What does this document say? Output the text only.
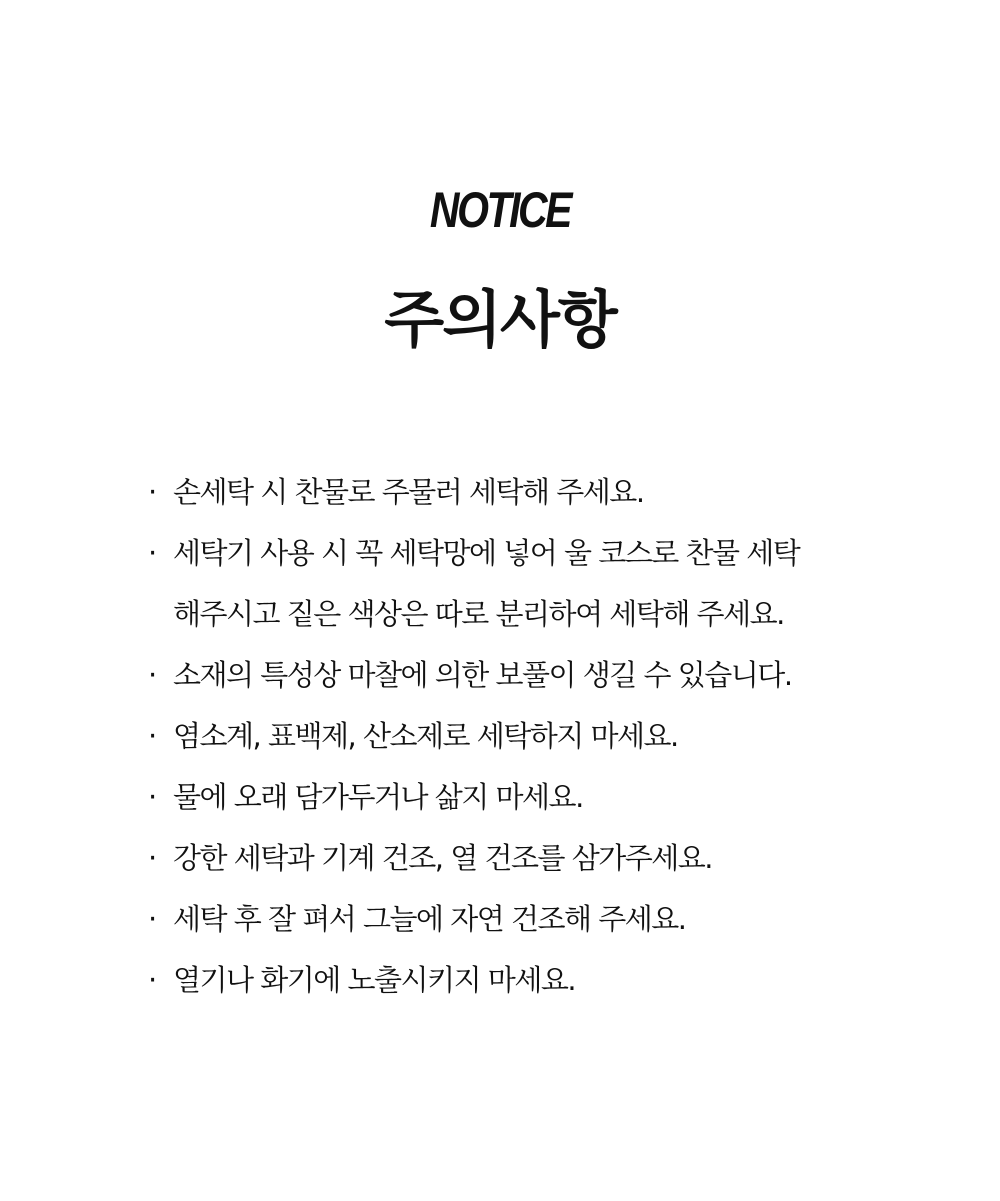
NOTICE
주의사항
· 손세탁 시 찬물로 주물러 세탁해 주세요.
· 세탁기 사용 시 꼭 세탁망에 넣어 울 코스로 찬물 세탁
해주시고 짙은 색상은 따로 분리하여 세탁해 주세요.
· 소재의 특성상 마찰에 의한 보풀이 생길 수 있습니다.
· 염소계, 표백제, 산소제로 세탁하지 마세요.
· 물에 오래 담가두거나 삶지 마세요.
· 강한 세탁과 기계 건조, 열 건조를 삼가주세요.
· 세탁 후 잘 펴서 그늘에 자연 건조해 주세요.
· 열기나 화기에 노출시키지 마세요.
